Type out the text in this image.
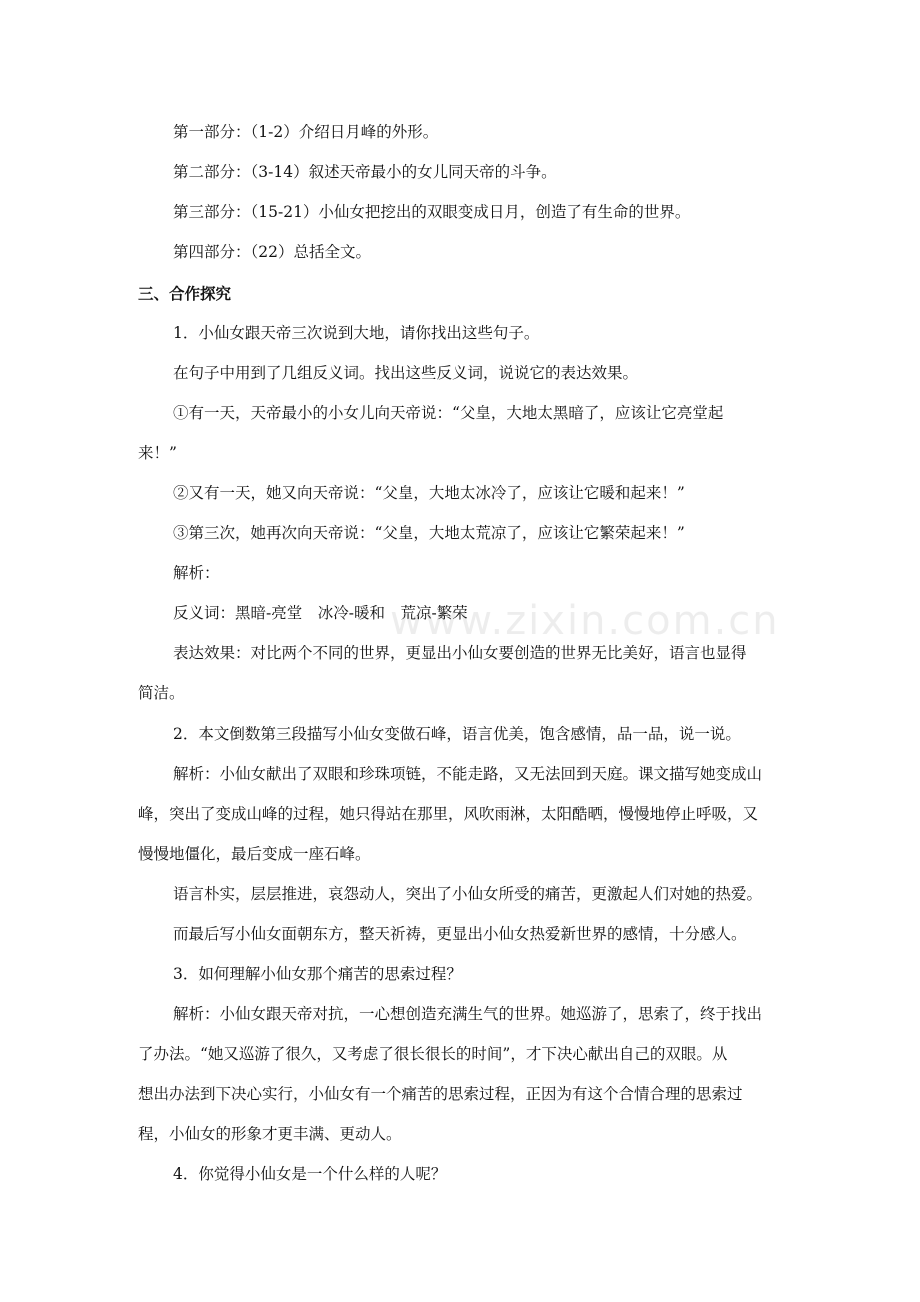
www.zixin.com.cn

第一部分：（1-2）介绍日月峰的外形。

第二部分：（3-14）叙述天帝最小的女儿同天帝的斗争。

第三部分：（15-21）小仙女把挖出的双眼变成日月，创造了有生命的世界。

第四部分：（22）总括全文。

三、合作探究

1．小仙女跟天帝三次说到大地，请你找出这些句子。

在句子中用到了几组反义词。找出这些反义词，说说它的表达效果。

①有一天，天帝最小的小女儿向天帝说：“父皇，大地太黑暗了，应该让它亮堂起

来！”

②又有一天，她又向天帝说：“父皇，大地太冰冷了，应该让它暖和起来！”

③第三次，她再次向天帝说：“父皇，大地太荒凉了，应该让它繁荣起来！”

解析：

反义词：黑暗-亮堂　冰冷-暖和　荒凉-繁荣

表达效果：对比两个不同的世界，更显出小仙女要创造的世界无比美好，语言也显得

简洁。

2．本文倒数第三段描写小仙女变做石峰，语言优美，饱含感情，品一品，说一说。

解析：小仙女献出了双眼和珍珠项链，不能走路，又无法回到天庭。课文描写她变成山

峰，突出了变成山峰的过程，她只得站在那里，风吹雨淋，太阳酷晒，慢慢地停止呼吸，又

慢慢地僵化，最后变成一座石峰。

语言朴实，层层推进，哀怨动人，突出了小仙女所受的痛苦，更激起人们对她的热爱。

而最后写小仙女面朝东方，整天祈祷，更显出小仙女热爱新世界的感情，十分感人。

3．如何理解小仙女那个痛苦的思索过程？

解析：小仙女跟天帝对抗，一心想创造充满生气的世界。她巡游了，思索了，终于找出

了办法。“她又巡游了很久，又考虑了很长很长的时间”，才下决心献出自己的双眼。从

想出办法到下决心实行，小仙女有一个痛苦的思索过程，正因为有这个合情合理的思索过

程，小仙女的形象才更丰满、更动人。

4．你觉得小仙女是一个什么样的人呢？
